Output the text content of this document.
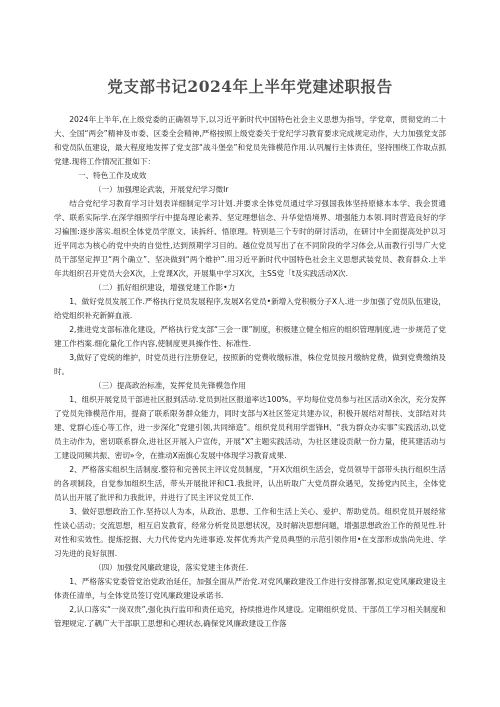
党支部书记2024年上半年党建述职报告

2024年上半年,在上级党委的正确领导下,以习近平新时代中国特色社会主义思想为指导，学党章，贯彻党的二十大、全国“两会”精神及市委、区委全会精神,严格按照上级党委关于党纪学习教育要求完成规定动作，大力加强党支部和党员队伍建设，最大程度地发挥了党支部“战斗堡垒”和党员先锋模范作用.认巩履行主体责任，坚持围绕工作取点抓党建.现将工作情况汇报如下：

一、特色工作及成效

（一）加强理论武装，开展党纪学习微Ir

结合党纪学习教育学习计划表详细制定学习计划.并要求全体党员通过学习强国我体坚持原條本本学、我会贯通学、联系实际学.在深学细照学行中提岛理论素养、坚定理想信念、升华觉悟境界、增强能力本领.同时营造良好的学习褊围:逐步落实.组织全体党员学原文、读拆纤、悟原理。特别是三个专时的研讨活动，在研讨中全面提高处护以习近平同志为核心的党中央的自觉性,达到预期学习目的。越位党员写出了在不同阶段的学习体会,从而教行引导广大党员干部坚定捍卫“两个确立”、坚决做到“两个维护”.用习近平新时代中国特色社会主义思想武装党员、教育群众.上半年共组织召开党员大会X次，上党课X次，开展集中学习X次，主SS党「t及实践活动X次.

（二）抓好组织建设，增强党建工作影•力

1、做好党员发展工作.严格执行党员发展程序,发展X名党员•新增入党积极分子X人.进一步加强了党员队伍建设，给党组织补充新鲜血液.

2,推进党支部标准化建设，严格执行党支部“三会一课”制度，积极建立健全相应的组织管理制度,进一步规范了党建工作档案.细化量化工作内容,使制度更具操作性、标准性.

3,做好了党统的维护，时党员进行注册登记，按照新的党费收缴标准，株位党员按月缴纳党费，做到党费缴纳及时。

（三）提高政治标准，发挥党员先锋模急作用

1、组织开展党员干部进社区报到活动.党员到社区报道率达100%。平均每位党员参与社区活动X余次，充分发挥了党员先锋模范作用，提裔了联系限务群众能力，同时支部与X社区签定共建办议，积极开展结对帮扶、支部结对共建、党群心连心等工作，进一步深化“党建引领,共同缔造”。组织党员利用学雷锋H、“我为群众办实事”实践活动,以党员主动作为，密切联系群众,进社区开展入户宣传，开展“X”主题实践活动，为社区建设贡献一份力量，使其建活动与工建设同频共振、密切»令，在推动X南旗心发展中体现学习教育成果.

2、严格落实组织生活制度.整符和完善民主评议党员制度，“开X次组织生活会，党员领导干部带头执行组织生活的各项制段，自觉参加组织生活，带头开展批评和C1.我批评，认出听取广大党员群众遇见，发扬党内民主，全体党员认出开展了批评和力我批评，并进行了民主评议党员工作.

3、做好思想政治工作.坚持以人为本，从政治、思想、工作和生活上关心、爱护、帮助党员。组织党员开展经常性谈心活动；交流思想，相互启发教育，经常分析党员思想状况，及时解决思想问题，增强思想政治工作的预见性.针对性和实效性。提炼挖掘、大力代传党内先进事迹.发挥优秀共产党员典型的示范引领作用•在支部形成祟尚先进、学习先进的良好氛围.

（四）加强党风廉政建设，落实党建主体责任.

1、严格落实党委管党治党政治延任，加强全面从严治党.对党风廉政建没工作进行安排部署,拟定党风廉政建设主体责任清单，与全体党员签订党风廉政建设承诺书.

2,认口落实“一岗双贵”,强化执行监印和责任追究，持续推进作风建设。定期组织党员、干部员工学习相关制度和管理规定.了耦广大干部职工思想和心理状态,确保党风廉政建设工作落
